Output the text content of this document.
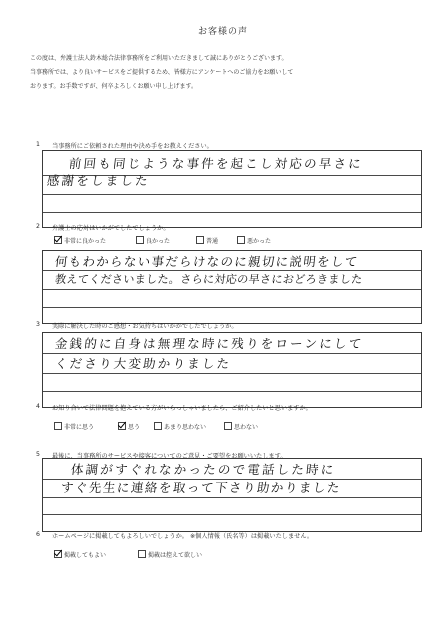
お客様の声
この度は、弁護士法人鈴木総合法律事務所をご利用いただきまして誠にありがとうございます。
当事務所では、より良いサービスをご提供するため、皆様方にアンケートへのご協力をお願いして
おります。お手数ですが、何卒よろしくお願い申し上げます。
1 当事務所にご依頼された理由や決め手をお教えください。
前回も同じような事件を起こし対応の早さに
感謝をしました
2 弁護士の応対はいかがでしたでしょうか。
非常に良かった	良かった	普通	悪かった
何もわからない事だらけなのに親切に説明をして
教えてくださいました。さらに対応の早さにおどろきました
3 実際に解決した時のご感想・お気持ちはいかがでしたでしょうか。
金銭的に自身は無理な時に残りをローンにして
くださり大変助かりました
4 お知り合いで法律問題を抱えている方がいらっしゃいましたら、ご紹介したいと思いますか。
非常に思う	思う	あまり思わない	思わない
5 最後に、当事務所のサービスや接客についてのご意見・ご要望をお願いいたします。
体調がすぐれなかったので電話した時に
すぐ先生に連絡を取って下さり助かりました
6 ホームページに掲載してもよろしいでしょうか。 ※個人情報（氏名等）は掲載いたしません。
掲載してもよい	掲載は控えて欲しい
